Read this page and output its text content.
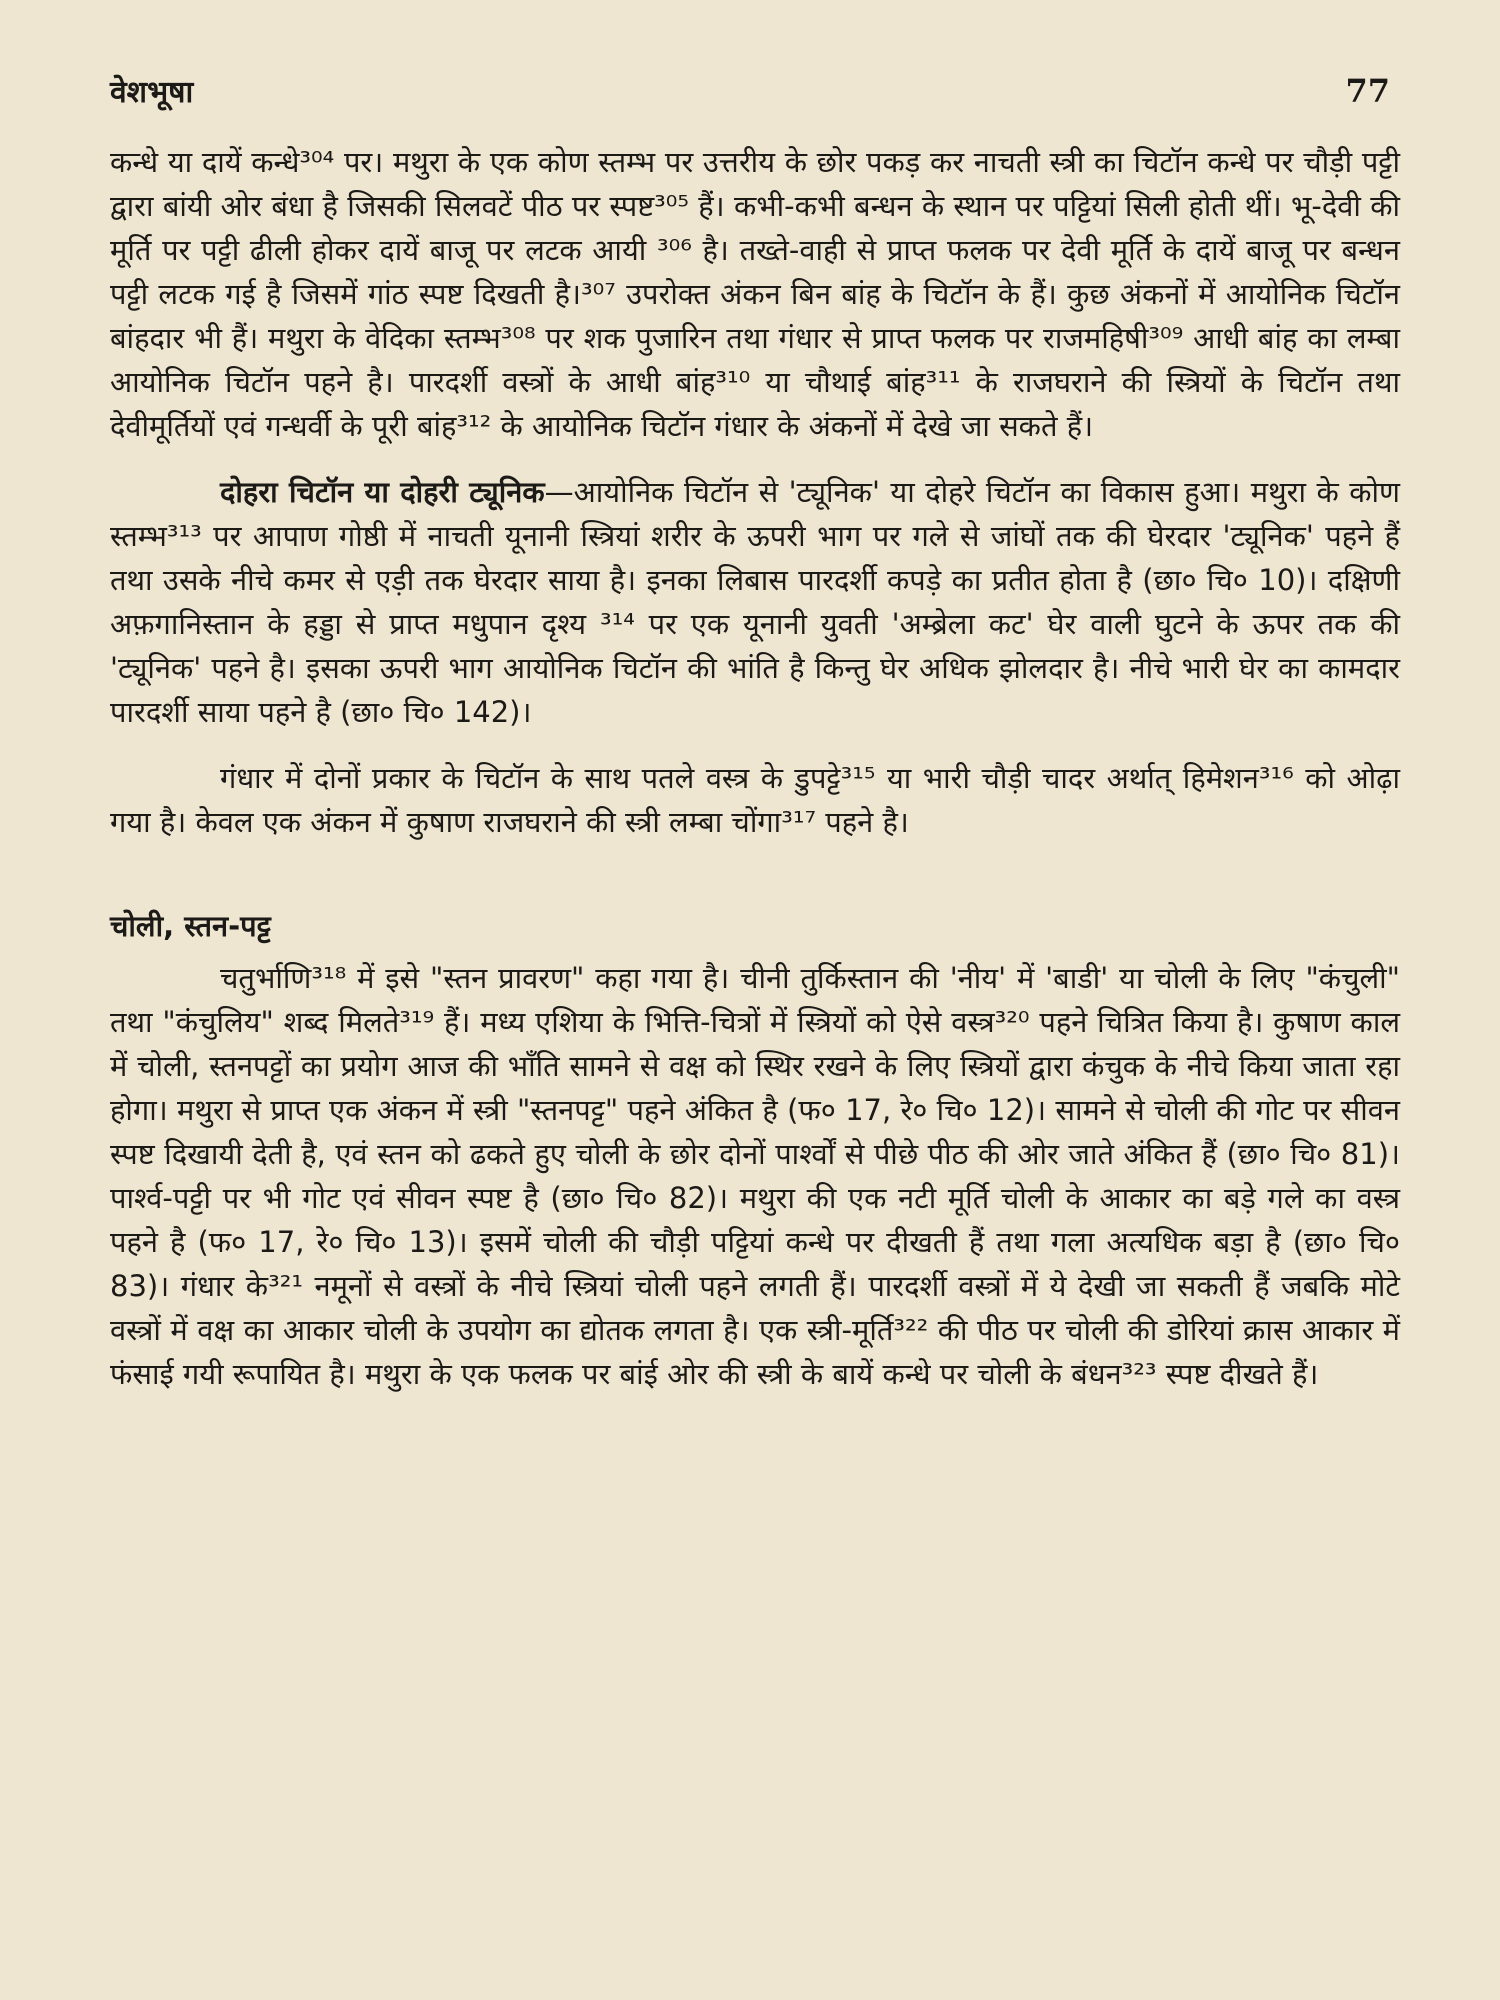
वेशभूषा	77

कन्धे या दायें कन्धे³⁰⁴ पर। मथुरा के एक कोण स्तम्भ पर उत्तरीय के छोर पकड़ कर नाचती स्त्री का चिटॉन कन्धे पर चौड़ी पट्टी द्वारा बांयी ओर बंधा है जिसकी सिलवटें पीठ पर स्पष्ट³⁰⁵ हैं। कभी-कभी बन्धन के स्थान पर पट्टियां सिली होती थीं। भू-देवी की मूर्ति पर पट्टी ढीली होकर दायें बाजू पर लटक आयी ³⁰⁶ है। तख्ते-वाही से प्राप्त फलक पर देवी मूर्ति के दायें बाजू पर बन्धन पट्टी लटक गई है जिसमें गांठ स्पष्ट दिखती है।³⁰⁷ उपरोक्त अंकन बिन बांह के चिटॉन के हैं। कुछ अंकनों में आयोनिक चिटॉन बांहदार भी हैं। मथुरा के वेदिका स्तम्भ³⁰⁸ पर शक पुजारिन तथा गंधार से प्राप्त फलक पर राजमहिषी³⁰⁹ आधी बांह का लम्बा आयोनिक चिटॉन पहने है। पारदर्शी वस्त्रों के आधी बांह³¹⁰ या चौथाई बांह³¹¹ के राजघराने की स्त्रियों के चिटॉन तथा देवीमूर्तियों एवं गन्धर्वी के पूरी बांह³¹² के आयोनिक चिटॉन गंधार के अंकनों में देखे जा सकते हैं।

दोहरा चिटॉन या दोहरी ट्यूनिक—आयोनिक चिटॉन से 'ट्यूनिक' या दोहरे चिटॉन का विकास हुआ। मथुरा के कोण स्तम्भ³¹³ पर आपाण गोष्ठी में नाचती यूनानी स्त्रियां शरीर के ऊपरी भाग पर गले से जांघों तक की घेरदार 'ट्यूनिक' पहने हैं तथा उसके नीचे कमर से एड़ी तक घेरदार साया है। इनका लिबास पारदर्शी कपड़े का प्रतीत होता है (छा० चि० 10)। दक्षिणी अफ़गानिस्तान के हड्डा से प्राप्त मधुपान दृश्य ³¹⁴ पर एक यूनानी युवती 'अम्ब्रेला कट' घेर वाली घुटने के ऊपर तक की 'ट्यूनिक' पहने है। इसका ऊपरी भाग आयोनिक चिटॉन की भांति है किन्तु घेर अधिक झोलदार है। नीचे भारी घेर का कामदार पारदर्शी साया पहने है (छा० चि० 142)।

गंधार में दोनों प्रकार के चिटॉन के साथ पतले वस्त्र के डुपट्टे³¹⁵ या भारी चौड़ी चादर अर्थात् हिमेशन³¹⁶ को ओढ़ा गया है। केवल एक अंकन में कुषाण राजघराने की स्त्री लम्बा चोंगा³¹⁷ पहने है।

चोली, स्तन-पट्ट

चतुर्भाणि³¹⁸ में इसे "स्तन प्रावरण" कहा गया है। चीनी तुर्किस्तान की 'नीय' में 'बाडी' या चोली के लिए "कंचुली" तथा "कंचुलिय" शब्द मिलते³¹⁹ हैं। मध्य एशिया के भित्ति-चित्रों में स्त्रियों को ऐसे वस्त्र³²⁰ पहने चित्रित किया है। कुषाण काल में चोली, स्तनपट्टों का प्रयोग आज की भाँति सामने से वक्ष को स्थिर रखने के लिए स्त्रियों द्वारा कंचुक के नीचे किया जाता रहा होगा। मथुरा से प्राप्त एक अंकन में स्त्री "स्तनपट्ट" पहने अंकित है (फ० 17, रे० चि० 12)। सामने से चोली की गोट पर सीवन स्पष्ट दिखायी देती है, एवं स्तन को ढकते हुए चोली के छोर दोनों पार्श्वों से पीछे पीठ की ओर जाते अंकित हैं (छा० चि० 81)। पार्श्व-पट्टी पर भी गोट एवं सीवन स्पष्ट है (छा० चि० 82)। मथुरा की एक नटी मूर्ति चोली के आकार का बड़े गले का वस्त्र पहने है (फ० 17, रे० चि० 13)। इसमें चोली की चौड़ी पट्टियां कन्धे पर दीखती हैं तथा गला अत्यधिक बड़ा है (छा० चि० 83)। गंधार के³²¹ नमूनों से वस्त्रों के नीचे स्त्रियां चोली पहने लगती हैं। पारदर्शी वस्त्रों में ये देखी जा सकती हैं जबकि मोटे वस्त्रों में वक्ष का आकार चोली के उपयोग का द्योतक लगता है। एक स्त्री-मूर्ति³²² की पीठ पर चोली की डोरियां क्रास आकार में फंसाई गयी रूपायित है। मथुरा के एक फलक पर बांई ओर की स्त्री के बायें कन्धे पर चोली के बंधन³²³ स्पष्ट दीखते हैं।
